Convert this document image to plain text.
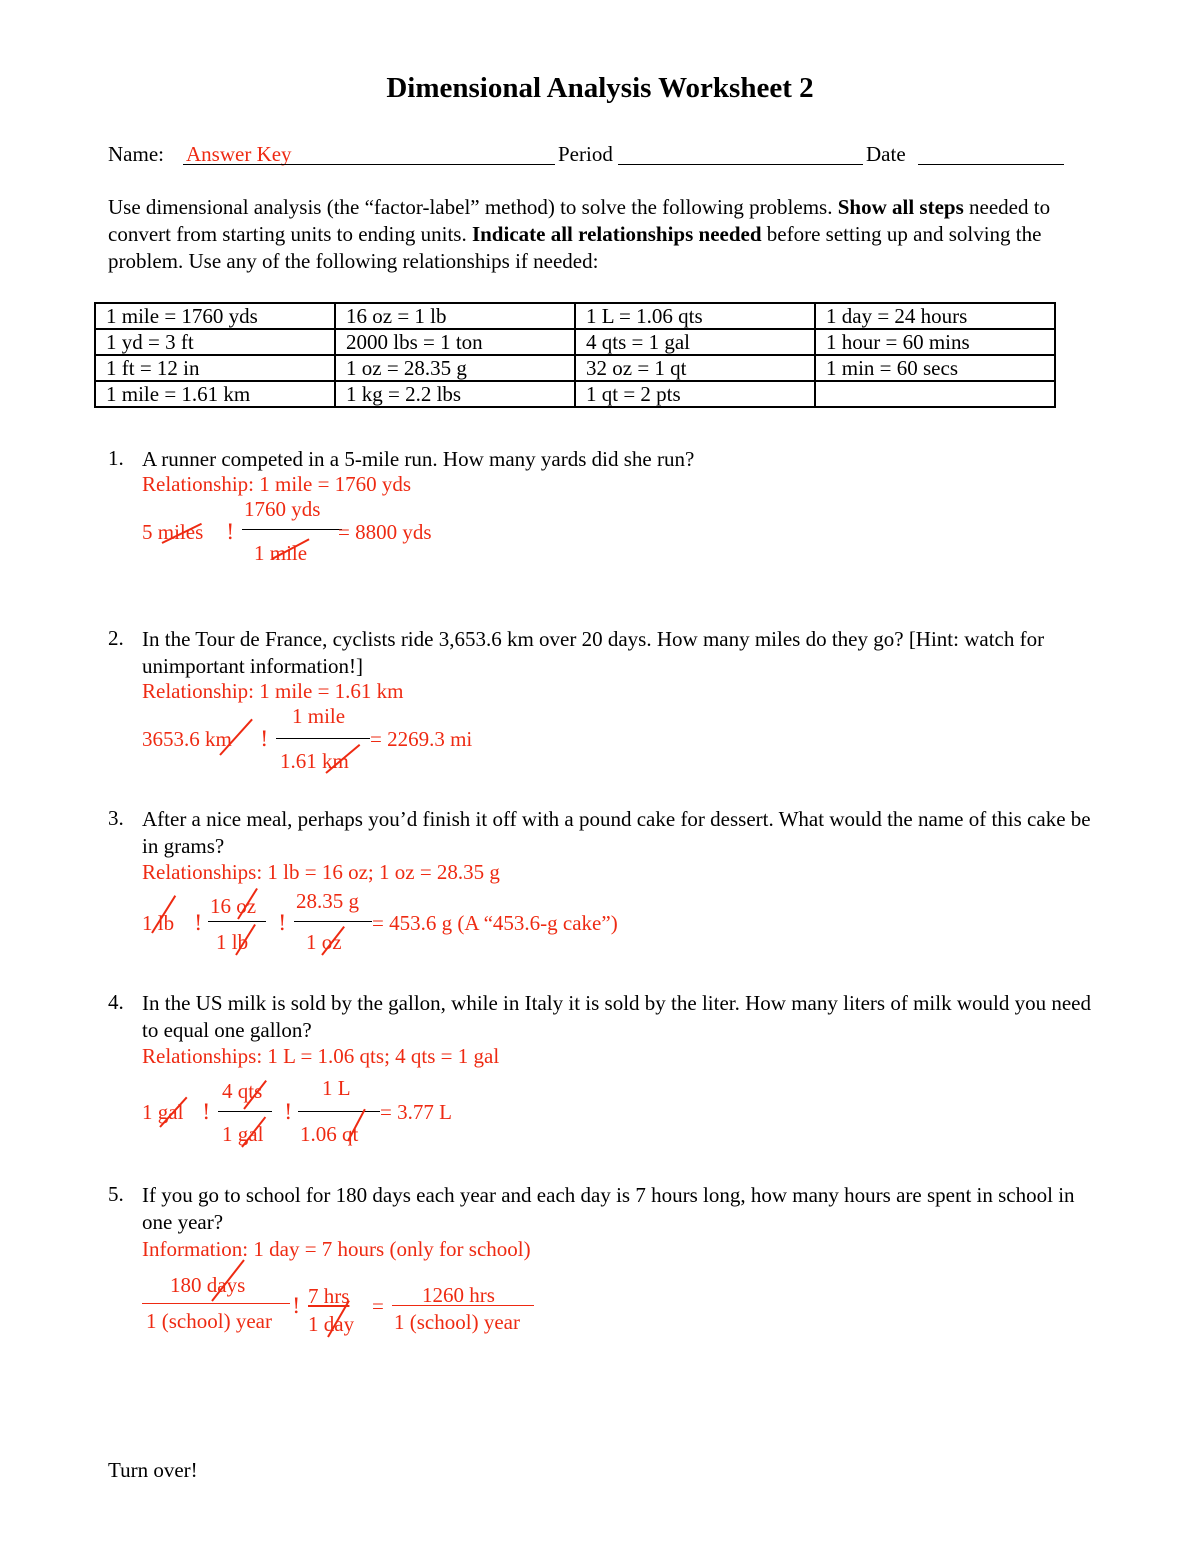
Dimensional Analysis Worksheet 2
Name: Answer Key	Period	Date
Use dimensional analysis (the “factor-label” method) to solve the following problems. Show all steps needed to convert from starting units to ending units. Indicate all relationships needed before setting up and solving the problem. Use any of the following relationships if needed:
1 mile = 1760 yds	16 oz = 1 lb	1 L = 1.06 qts	1 day = 24 hours
1 yd = 3 ft	2000 lbs = 1 ton	4 qts = 1 gal	1 hour = 60 mins
1 ft = 12 in	1 oz = 28.35 g	32 oz = 1 qt	1 min = 60 secs
1 mile = 1.61 km	1 kg = 2.2 lbs	1 qt = 2 pts	
1. A runner competed in a 5-mile run. How many yards did she run?
Relationship: 1 mile = 1760 yds
5 miles !
1760 yds
1 mile
= 8800 yds
2. In the Tour de France, cyclists ride 3,653.6 km over 20 days. How many miles do they go? [Hint: watch for unimportant information!]
Relationship: 1 mile = 1.61 km
3653.6 km !
1 mile
1.61 km
= 2269.3 mi
3. After a nice meal, perhaps you’d finish it off with a pound cake for dessert. What would the name of this cake be in grams?
Relationships: 1 lb = 16 oz; 1 oz = 28.35 g
1 lb !
16 oz
1 lb
!
28.35 g
1 oz
= 453.6 g (A “453.6-g cake”)
4. In the US milk is sold by the gallon, while in Italy it is sold by the liter. How many liters of milk would you need to equal one gallon?
Relationships: 1 L = 1.06 qts; 4 qts = 1 gal
1 gal !
4 qts
1 gal
!
1 L
1.06 qt
= 3.77 L
5. If you go to school for 180 days each year and each day is 7 hours long, how many hours are spent in school in one year?
Information: 1 day = 7 hours (only for school)
180 days
1 (school) year
! 7 hrs
1 day
= 1260 hrs
1 (school) year
Turn over!
